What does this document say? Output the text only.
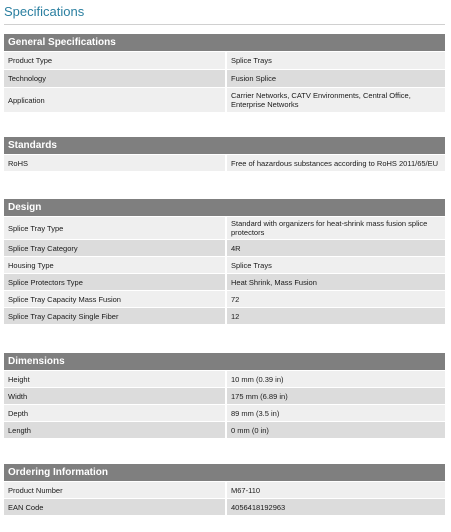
Specifications
General Specifications
Product Type	Splice Trays
Technology	Fusion Splice
Application	Carrier Networks, CATV Environments, Central Office, Enterprise Networks
Standards
RoHS	Free of hazardous substances according to RoHS 2011/65/EU
Design
Splice Tray Type	Standard with organizers for heat-shrink mass fusion splice protectors
Splice Tray Category	4R
Housing Type	Splice Trays
Splice Protectors Type	Heat Shrink, Mass Fusion
Splice Tray Capacity Mass Fusion	72
Splice Tray Capacity Single Fiber	12
Dimensions
Height	10 mm (0.39 in)
Width	175 mm (6.89 in)
Depth	89 mm (3.5 in)
Length	0 mm (0 in)
Ordering Information
Product Number	M67-110
EAN Code	4056418192963
